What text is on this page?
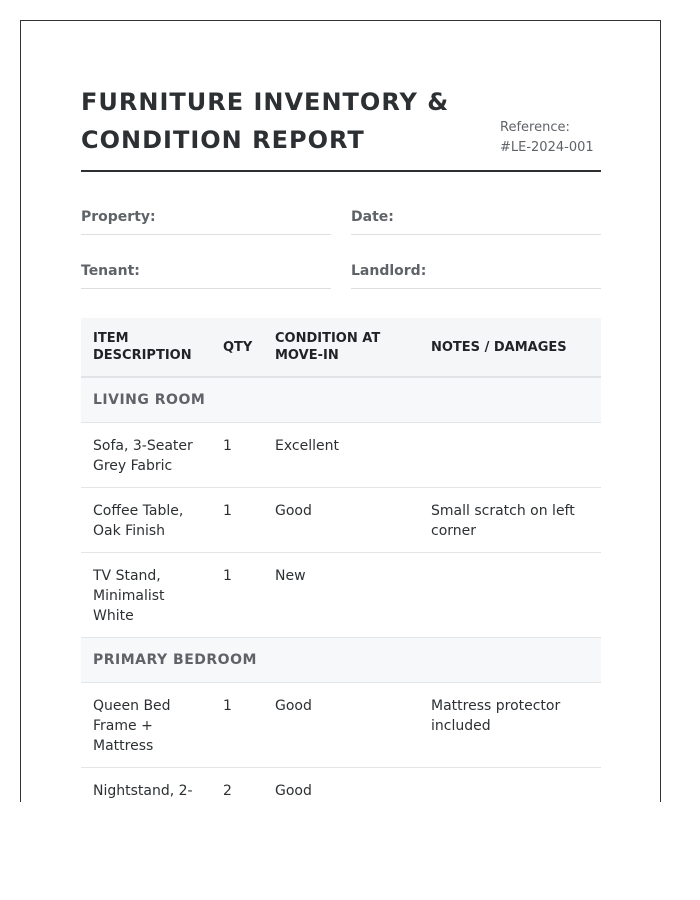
FURNITURE INVENTORY & CONDITION REPORT	Reference: #LE-2024-001
Property:	Date:
Tenant:	Landlord:
ITEM DESCRIPTION	QTY	CONDITION AT MOVE-IN	NOTES / DAMAGES
LIVING ROOM			
Sofa, 3-Seater Grey Fabric	1	Excellent	
Coffee Table, Oak Finish	1	Good	Small scratch on left corner
TV Stand, Minimalist White	1	New	
PRIMARY BEDROOM			
Queen Bed Frame + Mattress	1	Good	Mattress protector included
Nightstand, 2-	2	Good	
